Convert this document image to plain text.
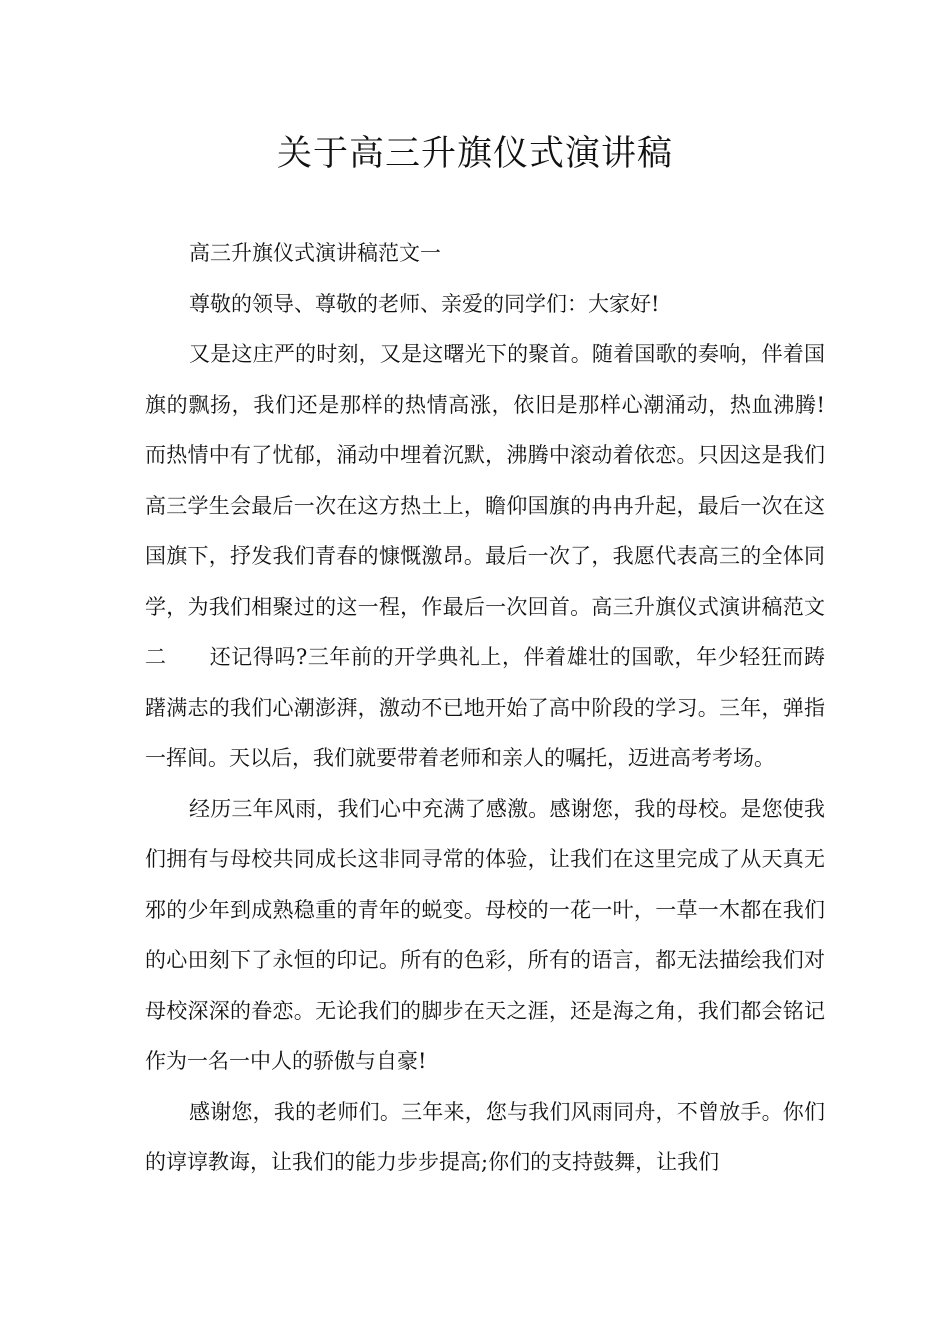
关于高三升旗仪式演讲稿

高三升旗仪式演讲稿范文一

尊敬的领导、尊敬的老师、亲爱的同学们：大家好!

又是这庄严的时刻，又是这曙光下的聚首。随着国歌的奏响，伴着国旗的飘扬，我们还是那样的热情高涨，依旧是那样心潮涌动，热血沸腾!而热情中有了忧郁，涌动中埋着沉默，沸腾中滚动着依恋。只因这是我们高三学生会最后一次在这方热土上，瞻仰国旗的冉冉升起，最后一次在这国旗下，抒发我们青春的慷慨激昂。最后一次了，我愿代表高三的全体同学，为我们相聚过的这一程，作最后一次回首。高三升旗仪式演讲稿范文二　　还记得吗?三年前的开学典礼上，伴着雄壮的国歌，年少轻狂而踌躇满志的我们心潮澎湃，激动不已地开始了高中阶段的学习。三年，弹指一挥间。天以后，我们就要带着老师和亲人的嘱托，迈进高考考场。

经历三年风雨，我们心中充满了感激。感谢您，我的母校。是您使我们拥有与母校共同成长这非同寻常的体验，让我们在这里完成了从天真无邪的少年到成熟稳重的青年的蜕变。母校的一花一叶，一草一木都在我们的心田刻下了永恒的印记。所有的色彩，所有的语言，都无法描绘我们对母校深深的眷恋。无论我们的脚步在天之涯，还是海之角，我们都会铭记作为一名一中人的骄傲与自豪!

感谢您，我的老师们。三年来，您与我们风雨同舟，不曾放手。你们的谆谆教诲，让我们的能力步步提高;你们的支持鼓舞，让我们
